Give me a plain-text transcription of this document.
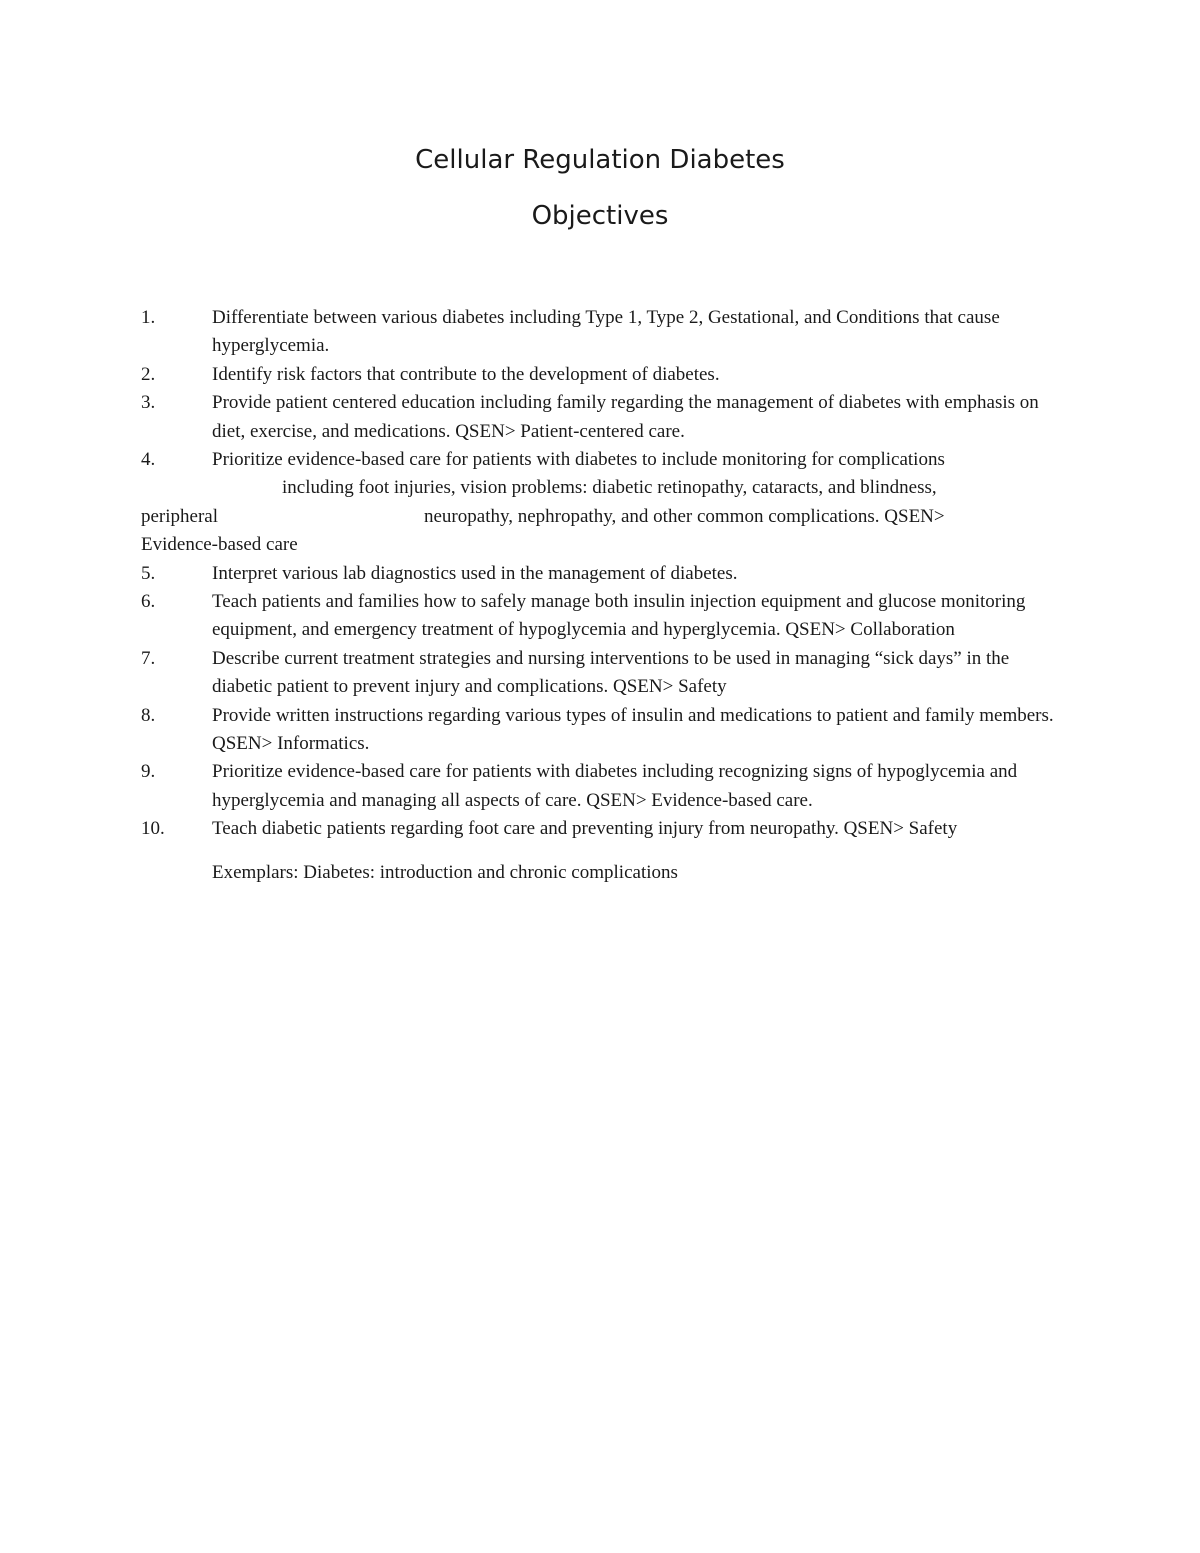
Cellular Regulation Diabetes
Objectives
1.	Differentiate between various diabetes including Type 1, Type 2, Gestational, and Conditions that cause hyperglycemia.
2.	Identify risk factors that contribute to the development of diabetes.
3.	Provide patient centered education including family regarding the management of diabetes with emphasis on diet, exercise, and medications. QSEN> Patient-centered care.
4.	Prioritize evidence-based care for patients with diabetes to include monitoring for complications
including foot injuries, vision problems: diabetic retinopathy, cataracts, and blindness,
peripheral	neuropathy, nephropathy, and other common complications. QSEN>
Evidence-based care
5.	Interpret various lab diagnostics used in the management of diabetes.
6.	Teach patients and families how to safely manage both insulin injection equipment and glucose monitoring equipment, and emergency treatment of hypoglycemia and hyperglycemia. QSEN> Collaboration
7.	Describe current treatment strategies and nursing interventions to be used in managing “sick days” in the diabetic patient to prevent injury and complications. QSEN> Safety
8.	Provide written instructions regarding various types of insulin and medications to patient and family members. QSEN> Informatics.
9.	Prioritize evidence-based care for patients with diabetes including recognizing signs of hypoglycemia and hyperglycemia and managing all aspects of care. QSEN> Evidence-based care.
10. Teach diabetic patients regarding foot care and preventing injury from neuropathy. QSEN> Safety
Exemplars: Diabetes: introduction and chronic complications
